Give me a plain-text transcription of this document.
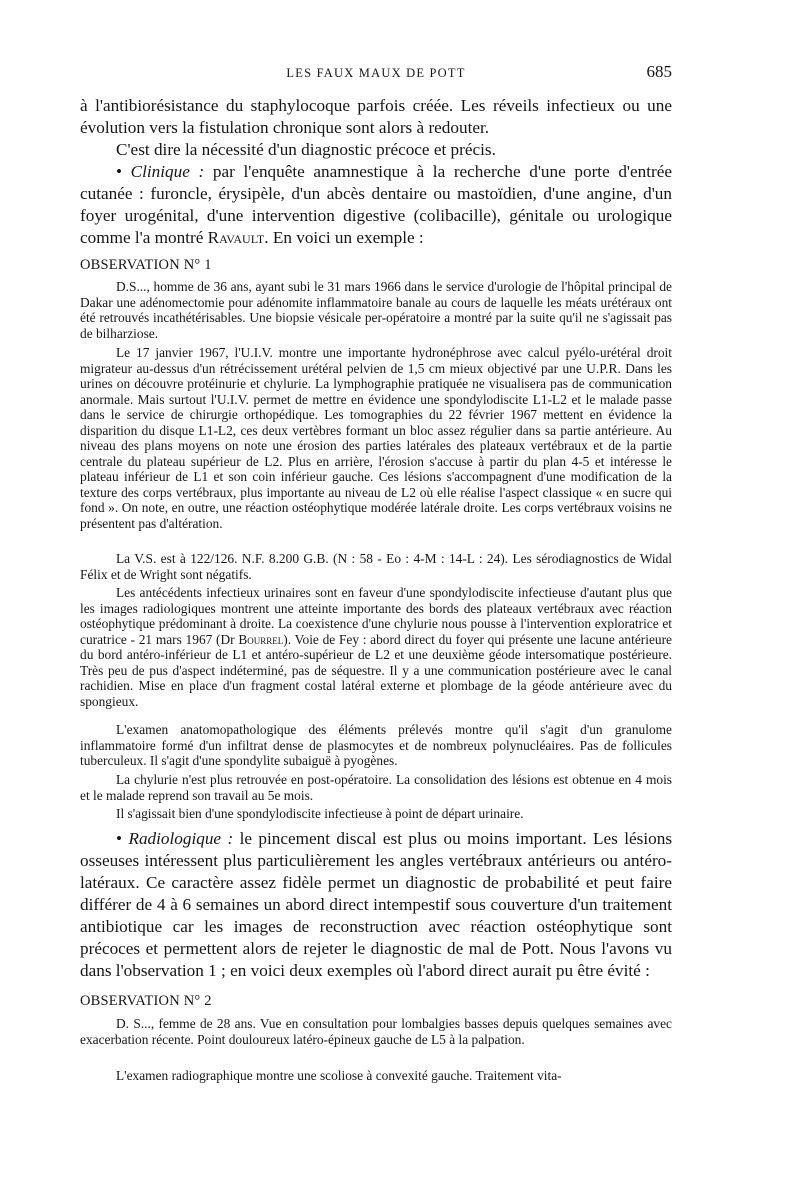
LES FAUX MAUX DE POTT	685

à l'antibiorésistance du staphylocoque parfois créée. Les réveils infectieux ou une évolution vers la fistulation chronique sont alors à redouter.

C'est dire la nécessité d'un diagnostic précoce et précis.

• Clinique : par l'enquête anamnestique à la recherche d'une porte d'entrée cutanée : furoncle, érysipèle, d'un abcès dentaire ou mastoïdien, d'une angine, d'un foyer urogénital, d'une intervention digestive (colibacille), génitale ou urologique comme l'a montré Ravault. En voici un exemple :

OBSERVATION N° 1

D.S..., homme de 36 ans, ayant subi le 31 mars 1966 dans le service d'urologie de l'hôpital principal de Dakar une adénomectomie pour adénomite inflammatoire banale au cours de laquelle les méats urétéraux ont été retrouvés incathétérisables. Une biopsie vésicale per-opératoire a montré par la suite qu'il ne s'agissait pas de bilharziose.

Le 17 janvier 1967, l'U.I.V. montre une importante hydronéphrose avec calcul pyélo-urétéral droit migrateur au-dessus d'un rétrécissement urétéral pelvien de 1,5 cm mieux objectivé par une U.P.R. Dans les urines on découvre protéinurie et chylurie. La lymphographie pratiquée ne visualisera pas de communication anormale. Mais surtout l'U.I.V. permet de mettre en évidence une spondylodiscite L1-L2 et le malade passe dans le service de chirurgie orthopédique. Les tomographies du 22 février 1967 mettent en évidence la disparition du disque L1-L2, ces deux vertèbres formant un bloc assez régulier dans sa partie antérieure. Au niveau des plans moyens on note une érosion des parties latérales des plateaux vertébraux et de la partie centrale du plateau supérieur de L2. Plus en arrière, l'érosion s'accuse à partir du plan 4-5 et intéresse le plateau inférieur de L1 et son coin inférieur gauche. Ces lésions s'accompagnent d'une modification de la texture des corps vertébraux, plus importante au niveau de L2 où elle réalise l'aspect classique « en sucre qui fond ». On note, en outre, une réaction ostéophytique modérée latérale droite. Les corps vertébraux voisins ne présentent pas d'altération.

La V.S. est à 122/126. N.F. 8.200 G.B. (N : 58 - Eo : 4-M : 14-L : 24). Les sérodiagnostics de Widal Félix et de Wright sont négatifs.

Les antécédents infectieux urinaires sont en faveur d'une spondylodiscite infectieuse d'autant plus que les images radiologiques montrent une atteinte importante des bords des plateaux vertébraux avec réaction ostéophytique prédominant à droite. La coexistence d'une chylurie nous pousse à l'intervention exploratrice et curatrice - 21 mars 1967 (Dr Bourrel). Voie de Fey : abord direct du foyer qui présente une lacune antérieure du bord antéro-inférieur de L1 et antéro-supérieur de L2 et une deuxième géode intersomatique postérieure. Très peu de pus d'aspect indéterminé, pas de séquestre. Il y a une communication postérieure avec le canal rachidien. Mise en place d'un fragment costal latéral externe et plombage de la géode antérieure avec du spongieux.

L'examen anatomopathologique des éléments prélevés montre qu'il s'agit d'un granulome inflammatoire formé d'un infiltrat dense de plasmocytes et de nombreux polynucléaires. Pas de follicules tuberculeux. Il s'agit d'une spondylite subaiguë à pyogènes.

La chylurie n'est plus retrouvée en post-opératoire. La consolidation des lésions est obtenue en 4 mois et le malade reprend son travail au 5e mois.

Il s'agissait bien d'une spondylodiscite infectieuse à point de départ urinaire.

• Radiologique : le pincement discal est plus ou moins important. Les lésions osseuses intéressent plus particulièrement les angles vertébraux antérieurs ou antéro-latéraux. Ce caractère assez fidèle permet un diagnostic de probabilité et peut faire différer de 4 à 6 semaines un abord direct intempestif sous couverture d'un traitement antibiotique car les images de reconstruction avec réaction ostéophytique sont précoces et permettent alors de rejeter le diagnostic de mal de Pott. Nous l'avons vu dans l'observation 1 ; en voici deux exemples où l'abord direct aurait pu être évité :

OBSERVATION N° 2

D. S..., femme de 28 ans. Vue en consultation pour lombalgies basses depuis quelques semaines avec exacerbation récente. Point douloureux latéro-épineux gauche de L5 à la palpation.

L'examen radiographique montre une scoliose à convexité gauche. Traitement vita-
